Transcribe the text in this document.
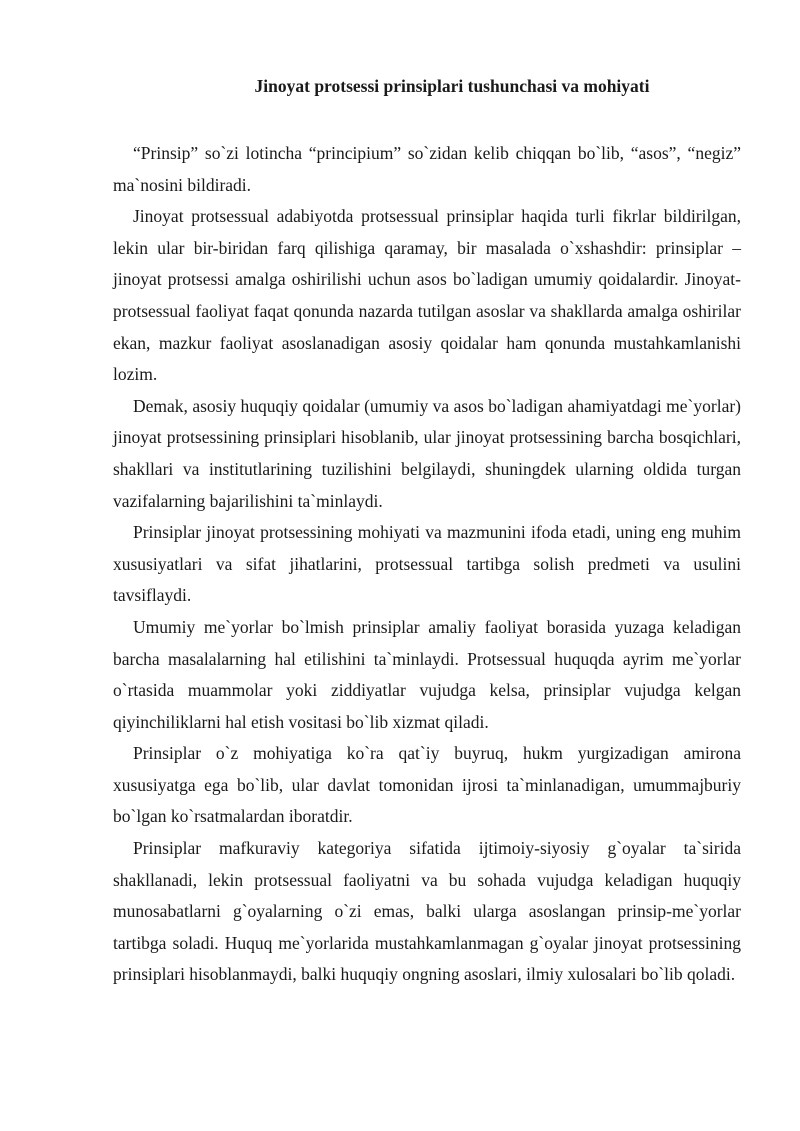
Jinoyat protsessi prinsiplari tushunchasi va mohiyati

“Prinsip” so`zi lotincha “principium” so`zidan kelib chiqqan bo`lib, “asos”, “negiz” ma`nosini bildiradi.

Jinoyat protsessual adabiyotda protsessual prinsiplar haqida turli fikrlar bildirilgan, lekin ular bir-biridan farq qilishiga qaramay, bir masalada o`xshashdir: prinsiplar – jinoyat protsessi amalga oshirilishi uchun asos bo`ladigan umumiy qoidalardir. Jinoyat-protsessual faoliyat faqat qonunda nazarda tutilgan asoslar va shakllarda amalga oshirilar ekan, mazkur faoliyat asoslanadigan asosiy qoidalar ham qonunda mustahkamlanishi lozim.

Demak, asosiy huquqiy qoidalar (umumiy va asos bo`ladigan ahamiyatdagi me`yorlar) jinoyat protsessining prinsiplari hisoblanib, ular jinoyat protsessining barcha bosqichlari, shakllari va institutlarining tuzilishini belgilaydi, shuningdek ularning oldida turgan vazifalarning bajarilishini ta`minlaydi.

Prinsiplar jinoyat protsessining mohiyati va mazmunini ifoda etadi, uning eng muhim xususiyatlari va sifat jihatlarini, protsessual tartibga solish predmeti va usulini tavsiflaydi.

Umumiy me`yorlar bo`lmish prinsiplar amaliy faoliyat borasida yuzaga keladigan barcha masalalarning hal etilishini ta`minlaydi. Protsessual huquqda ayrim me`yorlar o`rtasida muammolar yoki ziddiyatlar vujudga kelsa, prinsiplar vujudga kelgan qiyinchiliklarni hal etish vositasi bo`lib xizmat qiladi.

Prinsiplar o`z mohiyatiga ko`ra qat`iy buyruq, hukm yurgizadigan amirona xususiyatga ega bo`lib, ular davlat tomonidan ijrosi ta`minlanadigan, umummajburiy bo`lgan ko`rsatmalardan iboratdir.

Prinsiplar mafkuraviy kategoriya sifatida ijtimoiy-siyosiy g`oyalar ta`sirida shakllanadi, lekin protsessual faoliyatni va bu sohada vujudga keladigan huquqiy munosabatlarni g`oyalarning o`zi emas, balki ularga asoslangan prinsip-me`yorlar tartibga soladi. Huquq me`yorlarida mustahkamlanmagan g`oyalar jinoyat protsessining prinsiplari hisoblanmaydi, balki huquqiy ongning asoslari, ilmiy xulosalari bo`lib qoladi.
